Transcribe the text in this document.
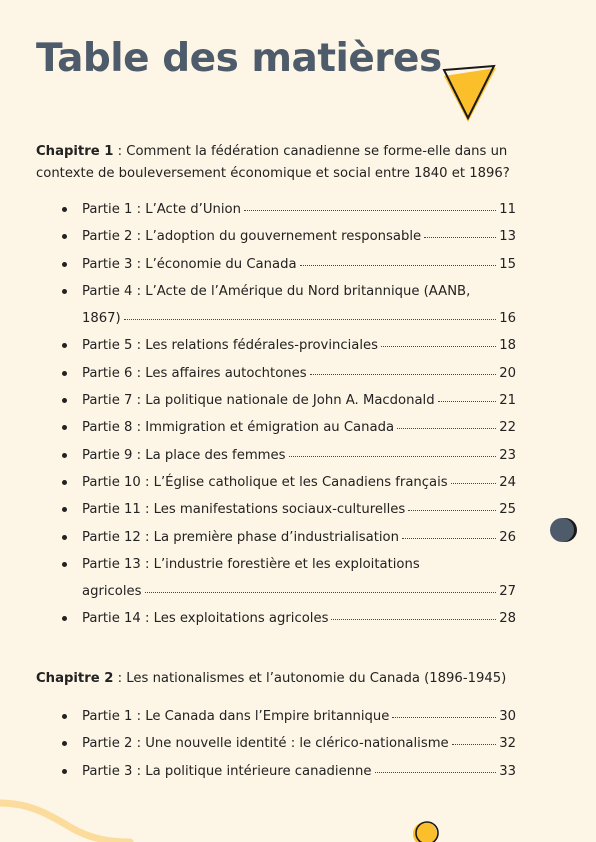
Table des matières
Chapitre 1 : Comment la fédération canadienne se forme-elle dans un contexte de bouleversement économique et social entre 1840 et 1896?
Partie 1 : L’Acte d’Union	11
Partie 2 : L’adoption du gouvernement responsable	13
Partie 3 : L’économie du Canada	15
Partie 4 : L’Acte de l’Amérique du Nord britannique (AANB,
1867)	16
Partie 5 : Les relations fédérales-provinciales	18
Partie 6 : Les affaires autochtones	20
Partie 7 : La politique nationale de John A. Macdonald	21
Partie 8 : Immigration et émigration au Canada	22
Partie 9 : La place des femmes	23
Partie 10 : L’Église catholique et les Canadiens français	24
Partie 11 : Les manifestations sociaux-culturelles	25
Partie 12 : La première phase d’industrialisation	26
Partie 13 : L’industrie forestière et les exploitations
agricoles	27
Partie 14 : Les exploitations agricoles	28
Chapitre 2 : Les nationalismes et l’autonomie du Canada (1896-1945)
Partie 1 : Le Canada dans l’Empire britannique	30
Partie 2 : Une nouvelle identité : le clérico-nationalisme	32
Partie 3 : La politique intérieure canadienne	33
